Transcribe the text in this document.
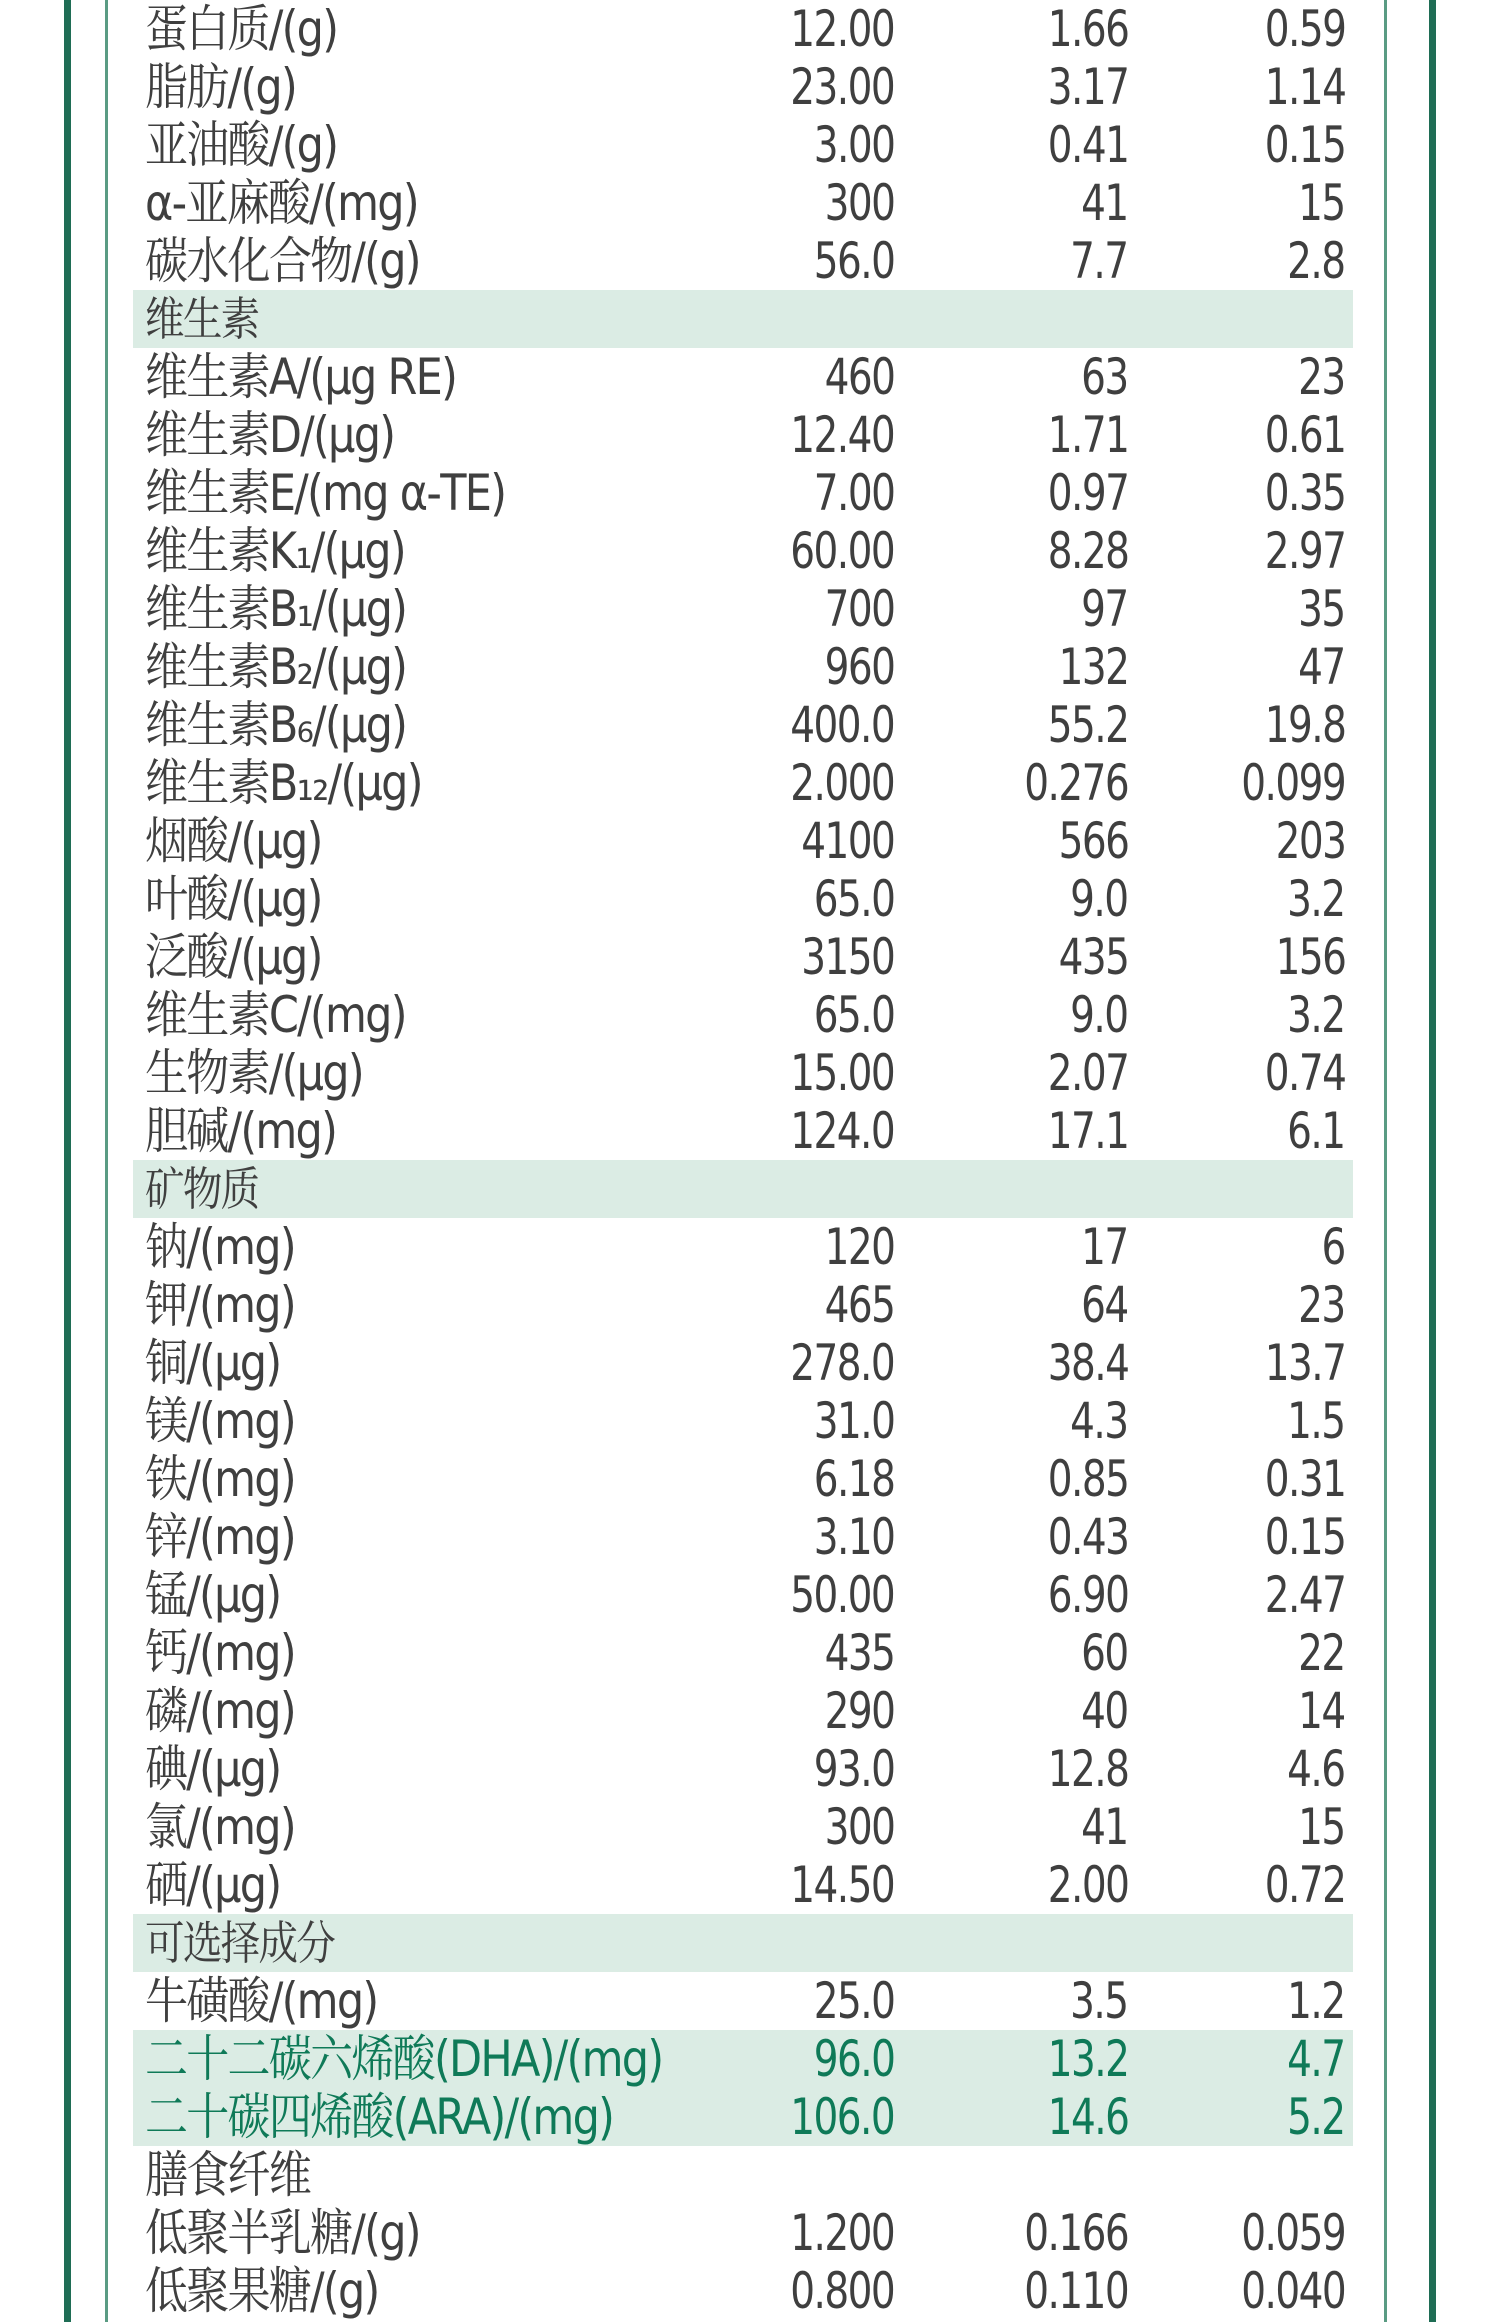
蛋白质/(g)	12.00	1.66	0.59
脂肪/(g)	23.00	3.17	1.14
亚油酸/(g)	3.00	0.41	0.15
α-亚麻酸/(mg)	300	41	15
碳水化合物/(g)	56.0	7.7	2.8
维生素
维生素A/(μg RE)	460	63	23
维生素D/(μg)	12.40	1.71	0.61
维生素E/(mg α-TE)	7.00	0.97	0.35
维生素K₁/(μg)	60.00	8.28	2.97
维生素B₁/(μg)	700	97	35
维生素B₂/(μg)	960	132	47
维生素B₆/(μg)	400.0	55.2	19.8
维生素B₁₂/(μg)	2.000	0.276 0.099
烟酸/(μg)	4100	566	203
叶酸/(μg)	65.0	9.0	3.2
泛酸/(μg)	3150	435	156
维生素C/(mg)	65.0	9.0	3.2
生物素/(μg)	15.00	2.07	0.74
胆碱/(mg)	124.0	17.1	6.1
矿物质
钠/(mg)	120	17	6
钾/(mg)	465	64	23
铜/(μg)	278.0	38.4	13.7
镁/(mg)	31.0	4.3	1.5
铁/(mg)	6.18	0.85	0.31
锌/(mg)	3.10	0.43	0.15
锰/(μg)	50.00	6.90	2.47
钙/(mg)	435	60	22
磷/(mg)	290	40	14
碘/(μg)	93.0	12.8	4.6
氯/(mg)	300	41	15
硒/(μg)	14.50	2.00	0.72
可选择成分
牛磺酸/(mg)	25.0	3.5	1.2
二十二碳六烯酸(DHA)/(mg)	96.0	13.2	4.7
二十碳四烯酸(ARA)/(mg)	106.0	14.6	5.2
膳食纤维
低聚半乳糖/(g)	1.200	0.166 0.059
低聚果糖/(g)	0.800	0.110 0.040
